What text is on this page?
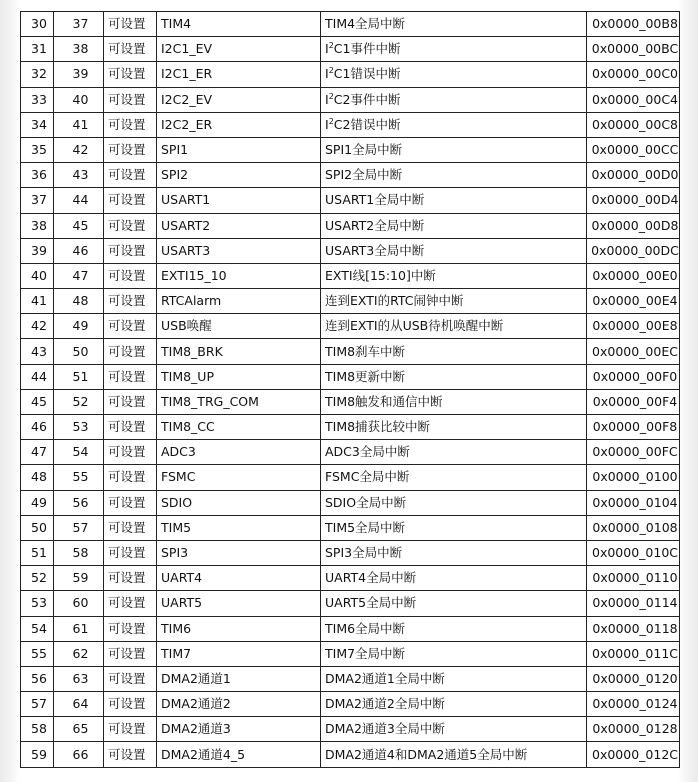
30	37	可设置	TIM4	TIM4全局中断	0x0000_00B8
31	38	可设置	I2C1_EV	$I^2C1$事件中断	0x0000_00BC
32	39	可设置	I2C1_ER	$I^2C1$错误中断	0x0000_00C0
33	40	可设置	I2C2_EV	$I^2C2$事件中断	0x0000_00C4
34	41	可设置	I2C2_ER	$I^2C2$错误中断	0x0000_00C8
35	42	可设置	SPI1	SPI1全局中断	0x0000_00CC
36	43	可设置	SPI2	SPI2全局中断	0x0000_00D0
37	44	可设置	USART1	USART1全局中断	0x0000_00D4
38	45	可设置	USART2	USART2全局中断	0x0000_00D8
39	46	可设置	USART3	USART3全局中断	0x0000_00DC
40	47	可设置	EXTI15_10	EXTI线[15:10]中断	0x0000_00E0
41	48	可设置	RTCAlarm	连到EXTI的RTC闹钟中断	0x0000_00E4
42	49	可设置	USB唤醒	连到EXTI的从USB待机唤醒中断	0x0000_00E8
43	50	可设置	TIM8_BRK	TIM8刹车中断	0x0000_00EC
44	51	可设置	TIM8_UP	TIM8更新中断	0x0000_00F0
45	52	可设置	TIM8_TRG_COM	TIM8触发和通信中断	0x0000_00F4
46	53	可设置	TIM8_CC	TIM8捕获比较中断	0x0000_00F8
47	54	可设置	ADC3	ADC3全局中断	0x0000_00FC
48	55	可设置	FSMC	FSMC全局中断	0x0000_0100
49	56	可设置	SDIO	SDIO全局中断	0x0000_0104
50	57	可设置	TIM5	TIM5全局中断	0x0000_0108
51	58	可设置	SPI3	SPI3全局中断	0x0000_010C
52	59	可设置	UART4	UART4全局中断	0x0000_0110
53	60	可设置	UART5	UART5全局中断	0x0000_0114
54	61	可设置	TIM6	TIM6全局中断	0x0000_0118
55	62	可设置	TIM7	TIM7全局中断	0x0000_011C
56	63	可设置	DMA2通道1	DMA2通道1全局中断	0x0000_0120
57	64	可设置	DMA2通道2	DMA2通道2全局中断	0x0000_0124
58	65	可设置	DMA2通道3	DMA2通道3全局中断	0x0000_0128
59	66	可设置	DMA2通道4_5	DMA2通道4和DMA2通道5全局中断	0x0000_012C
